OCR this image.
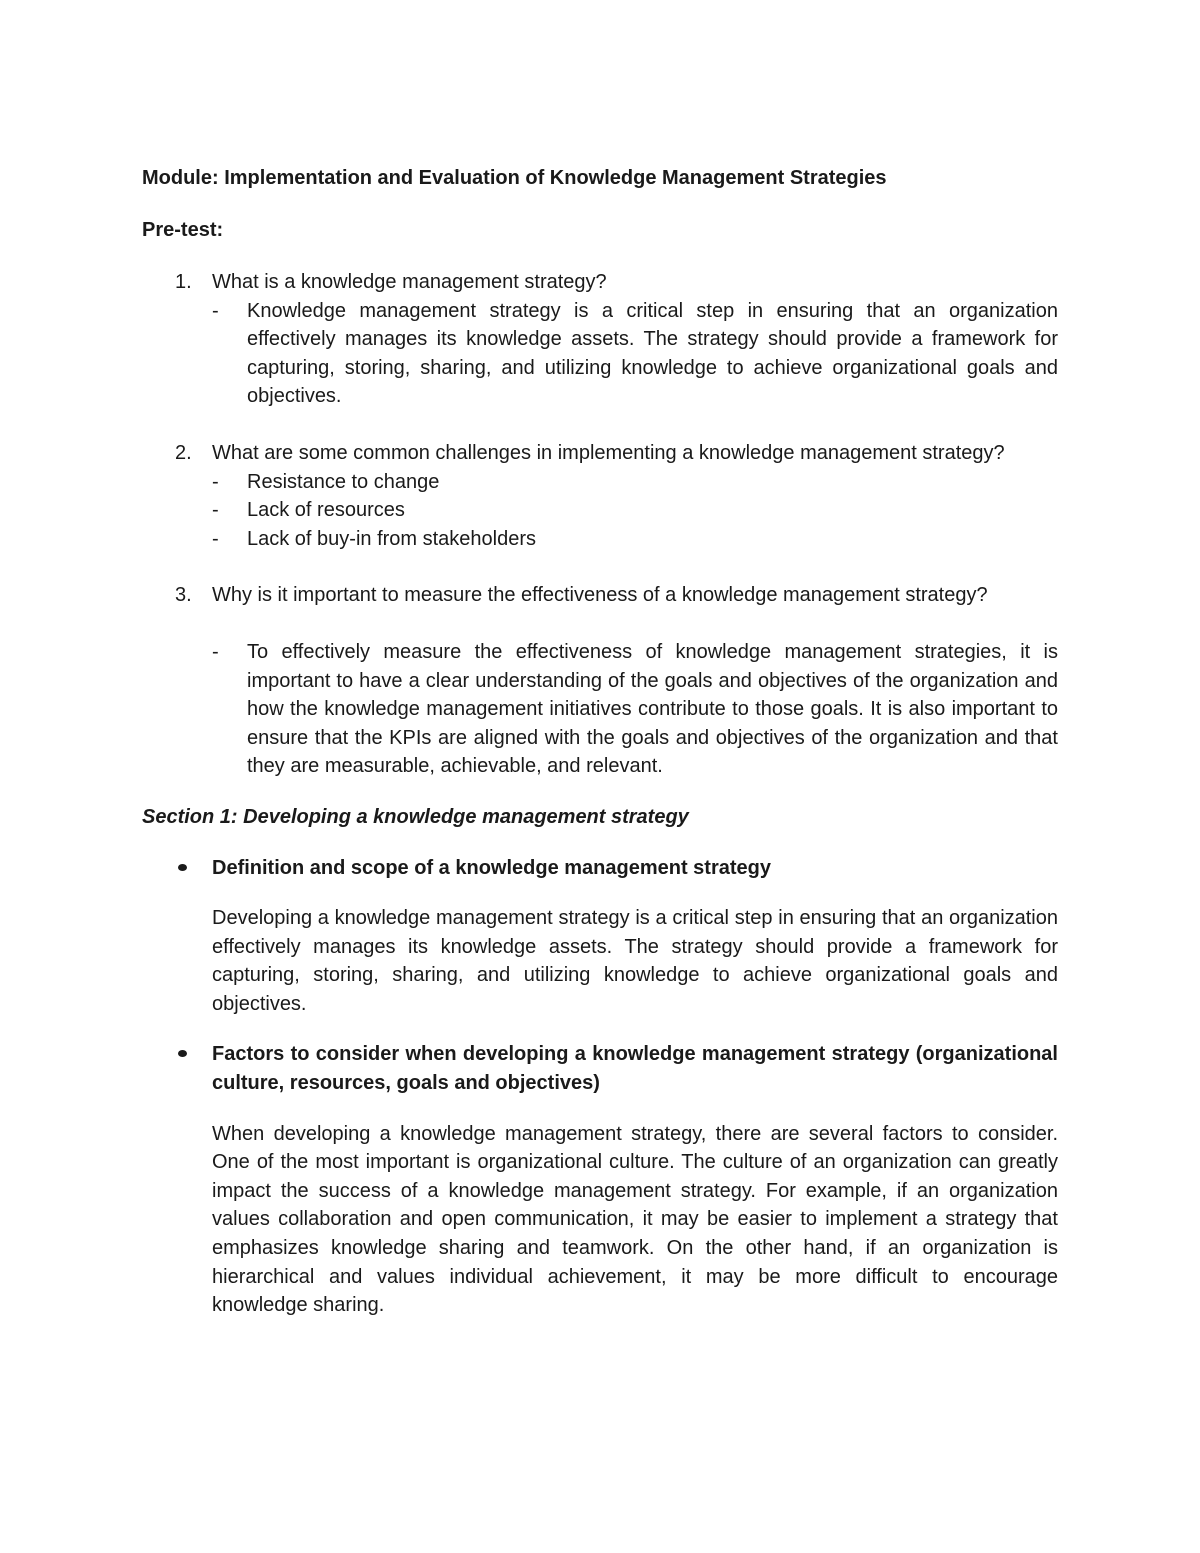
Module: Implementation and Evaluation of Knowledge Management Strategies
Pre-test:
1. What is a knowledge management strategy?
- Knowledge management strategy is a critical step in ensuring that an organization effectively manages its knowledge assets. The strategy should provide a framework for capturing, storing, sharing, and utilizing knowledge to achieve organizational goals and objectives.
2. What are some common challenges in implementing a knowledge management strategy?
- Resistance to change
- Lack of resources
- Lack of buy-in from stakeholders
3. Why is it important to measure the effectiveness of a knowledge management strategy?
- To effectively measure the effectiveness of knowledge management strategies, it is important to have a clear understanding of the goals and objectives of the organization and how the knowledge management initiatives contribute to those goals. It is also important to ensure that the KPIs are aligned with the goals and objectives of the organization and that they are measurable, achievable, and relevant.
Section 1: Developing a knowledge management strategy
Definition and scope of a knowledge management strategy
Developing a knowledge management strategy is a critical step in ensuring that an organization effectively manages its knowledge assets. The strategy should provide a framework for capturing, storing, sharing, and utilizing knowledge to achieve organizational goals and objectives.
Factors to consider when developing a knowledge management strategy (organizational culture, resources, goals and objectives)
When developing a knowledge management strategy, there are several factors to consider. One of the most important is organizational culture. The culture of an organization can greatly impact the success of a knowledge management strategy. For example, if an organization values collaboration and open communication, it may be easier to implement a strategy that emphasizes knowledge sharing and teamwork. On the other hand, if an organization is hierarchical and values individual achievement, it may be more difficult to encourage knowledge sharing.
